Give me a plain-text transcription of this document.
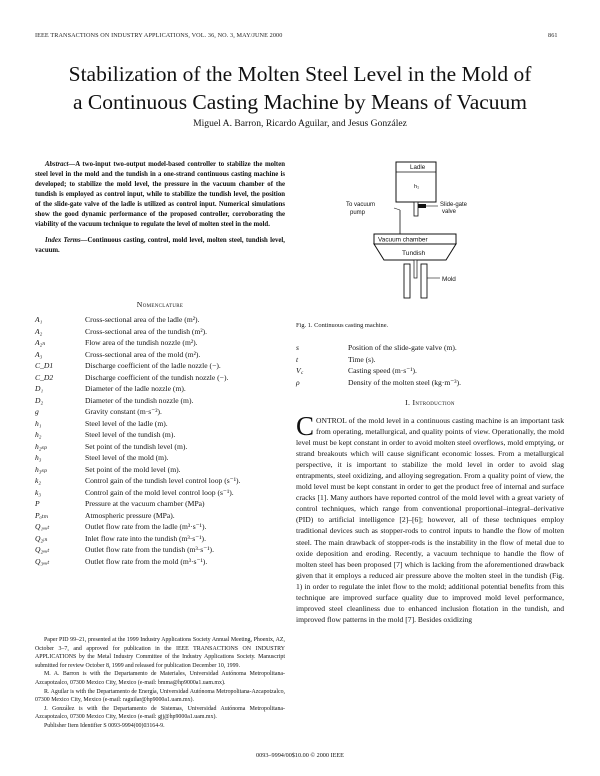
IEEE TRANSACTIONS ON INDUSTRY APPLICATIONS, VOL. 36, NO. 3, MAY/JUNE 2000	861
Stabilization of the Molten Steel Level in the Mold of
a Continuous Casting Machine by Means of Vacuum
Miguel A. Barron, Ricardo Aguilar, and Jesus González
Abstract—A two-input two-output model-based controller to stabilize the molten steel level in the mold and the tundish in a one-strand continuous casting machine is developed; to stabilize the mold level, the pressure in the vacuum chamber of the tundish is employed as control input, while to stabilize the tundish level, the position of the slide-gate valve of the ladle is utilized as control input. Numerical simulations show the good dynamic performance of the proposed controller, corroborating the viability of the vacuum technique to regulate the level of molten steel in the mold.
Index Terms—Continuous casting, control, mold level, molten steel, tundish level, vacuum.
Nomenclature
A₁	Cross-sectional area of the ladle (m²).
A₂	Cross-sectional area of the tundish (m²).
A₂ₙ	Flow area of the tundish nozzle (m²).
A₃	Cross-sectional area of the mold (m²).
C_D1	Discharge coefficient of the ladle nozzle (−).
C_D2	Discharge coefficient of the tundish nozzle (−).
D₁	Diameter of the ladle nozzle (m).
D₂	Diameter of the tundish nozzle (m).
g	Gravity constant (m·s⁻²).
h₁	Steel level of the ladle (m).
h₂	Steel level of the tundish (m).
h₂ₛₚ	Set point of the tundish level (m).
h₃	Steel level of the mold (m).
h₃ₛₚ	Set point of the mold level (m).
k₂	Control gain of the tundish level control loop (s⁻¹).
k₃	Control gain of the mold level control loop (s⁻¹).
P	Pressure at the vacuum chamber (MPa)
Pₐₜₘ	Atmospheric pressure (MPa).
Q₁ₒᵤₜ	Outlet flow rate from the ladle (m³·s⁻¹).
Q₂ᵢₙ	Inlet flow rate into the tundish (m³·s⁻¹).
Q₂ₒᵤₜ	Outlet flow rate from the tundish (m³·s⁻¹).
Q₃ₒᵤₜ	Outlet flow rate from the mold (m³·s⁻¹).

Paper PID 99–21, presented at the 1999 Industry Applications Society Annual Meeting, Phoenix, AZ, October 3–7, and approved for publication in the IEEE TRANSACTIONS ON INDUSTRY APPLICATIONS by the Metal Industry Committee of the Industry Applications Society. Manuscript submitted for review October 8, 1999 and released for publication December 10, 1999.

M. A. Barron is with the Departamento de Materiales, Universidad Autónoma Metropolitana-Azcapotzalco, 07300 Mexico City, Mexico (e-mail: bmma@hp9000a1.uam.mx).

R. Aguilar is with the Departamento de Energía, Universidad Autónoma Metropolitana-Azcapotzalco, 07300 Mexico City, Mexico (e-mail: raguilar@hp9000a1.uam.mx).

J. González is with the Departamento de Sistemas, Universidad Autónoma Metropolitana-Azcapotzalco, 07300 Mexico City, Mexico (e-mail: gjj@hp9000a1.uam.mx).

Publisher Item Identifier S 0093-9994(00)03164-9.

Ladle
h₁
Slide-gate
valve
To vacuum
pump
Vacuum chamber
Tundish
Mold
Fig. 1. Continuous casting machine.
s	Position of the slide-gate valve (m).
t	Time (s).
V꜀	Casting speed (m·s⁻¹).
ρ	Density of the molten steel (kg·m⁻³).
I. Introduction
CONTROL of the mold level in a continuous casting machine is an important task from operating, metallurgical, and quality points of view. Operationally, the mold level must be kept constant in order to avoid molten steel overflows, mold emptying, or strand breakouts which will cause significant economic losses. From a metallurgical perspective, it is important to stabilize the mold level in order to avoid slag entrapments, steel oxidizing, and alloying segregation. From a quality point of view, the mold level must be kept constant in order to get the product free of internal and surface cracks [1]. Many authors have reported control of the mold level with a great variety of control techniques, which range from conventional proportional–integral–derivative (PID) to artificial intelligence [2]–[6]; however, all of these techniques employ traditional devices such as stopper-rods to control inputs to handle the flow of molten steel. The main drawback of stopper-rods is the instability in the flow of metal due to oxide deposition and eroding. Recently, a vacuum technique to handle the flow of molten steel has been proposed [7] which is lacking from the aforementioned drawback given that it employs a reduced air pressure above the molten steel in the tundish (Fig. 1) in order to regulate the inlet flow to the mold; additional potential benefits from this technique are improved surface quality due to improved mold level performance, improved steel cleanliness due to enhanced inclusion flotation in the tundish, and improved flow patterns in the mold [7]. Besides oxidizing
0093–9994/00$10.00 © 2000 IEEE
